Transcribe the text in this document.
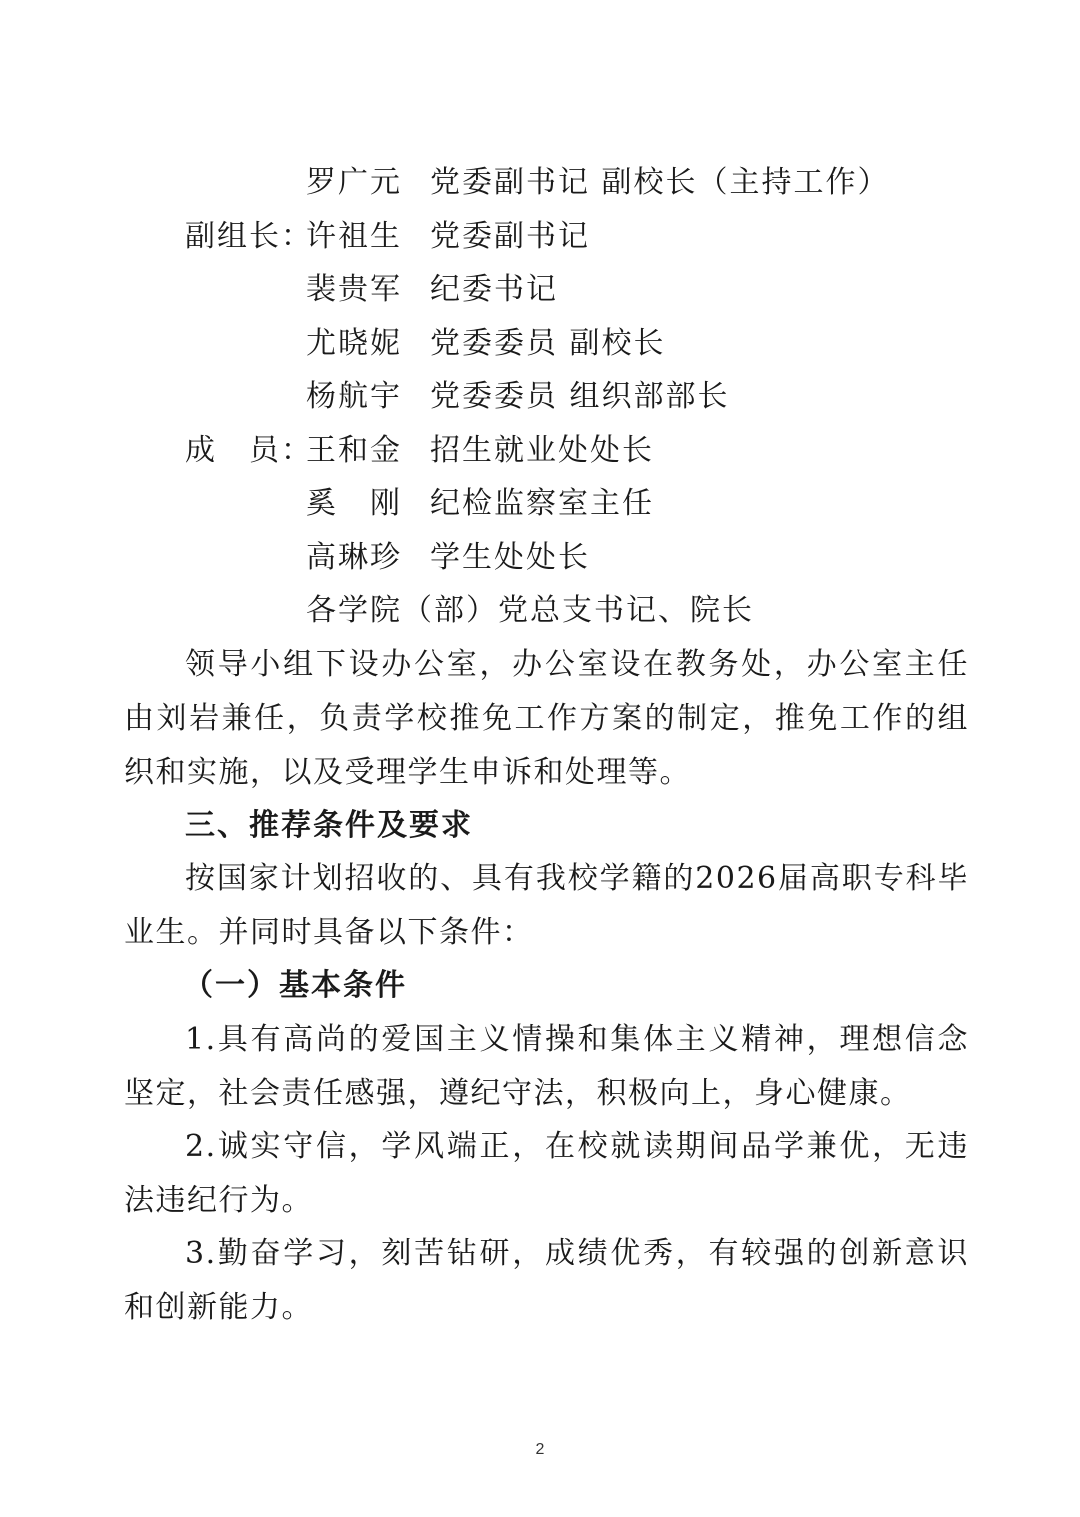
罗广元 党委副书记 副校长（主持工作）
副组长：
许祖生 党委副书记
裴贵军 纪委书记
尤晓妮 党委委员 副校长
杨航宇 党委委员 组织部部长
成　员：
王和金 招生就业处处长
奚　刚 纪检监察室主任
高琳珍 学生处处长
各学院（部）党总支书记、院长

领导小组下设办公室，办公室设在教务处，办公室主任由刘岩兼任，负责学校推免工作方案的制定，推免工作的组织和实施，以及受理学生申诉和处理等。

三、推荐条件及要求

按国家计划招收的、具有我校学籍的2026届高职专科毕业生。并同时具备以下条件：

（一）基本条件

1.具有高尚的爱国主义情操和集体主义精神，理想信念坚定，社会责任感强，遵纪守法，积极向上，身心健康。

2.诚实守信，学风端正，在校就读期间品学兼优，无违法违纪行为。

3.勤奋学习，刻苦钻研，成绩优秀，有较强的创新意识和创新能力。

2
